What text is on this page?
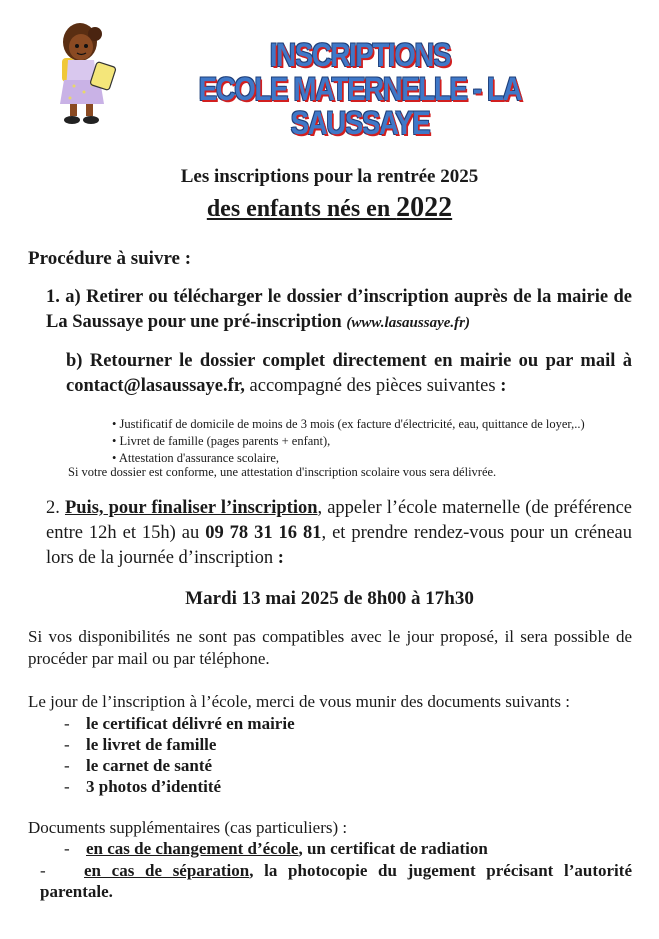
INSCRIPTIONS
ECOLE MATERNELLE - LA SAUSSAYE
Les inscriptions pour la rentrée 2025
des enfants nés en 2022
Procédure à suivre :
1. a) Retirer ou télécharger le dossier d’inscription auprès de la mairie de La Saussaye pour une pré-inscription (www.lasaussaye.fr)
b) Retourner le dossier complet directement en mairie ou par mail à contact@lasaussaye.fr, accompagné des pièces suivantes :
• Justificatif de domicile de moins de 3 mois (ex facture d'électricité, eau, quittance de loyer,..)
• Livret de famille (pages parents + enfant),
• Attestation d'assurance scolaire,
Si votre dossier est conforme, une attestation d'inscription scolaire vous sera délivrée.
2. Puis, pour finaliser l’inscription, appeler l’école maternelle (de préférence entre 12h et 15h) au 09 78 31 16 81, et prendre rendez-vous pour un créneau lors de la journée d’inscription :
Mardi 13 mai 2025 de 8h00 à 17h30
Si vos disponibilités ne sont pas compatibles avec le jour proposé, il sera possible de procéder par mail ou par téléphone.
Le jour de l’inscription à l’école, merci de vous munir des documents suivants :
- le certificat délivré en mairie
- le livret de famille
- le carnet de santé
- 3 photos d’identité
Documents supplémentaires (cas particuliers) :
- en cas de changement d’école, un certificat de radiation
- en cas de séparation, la photocopie du jugement précisant l’autorité parentale.
